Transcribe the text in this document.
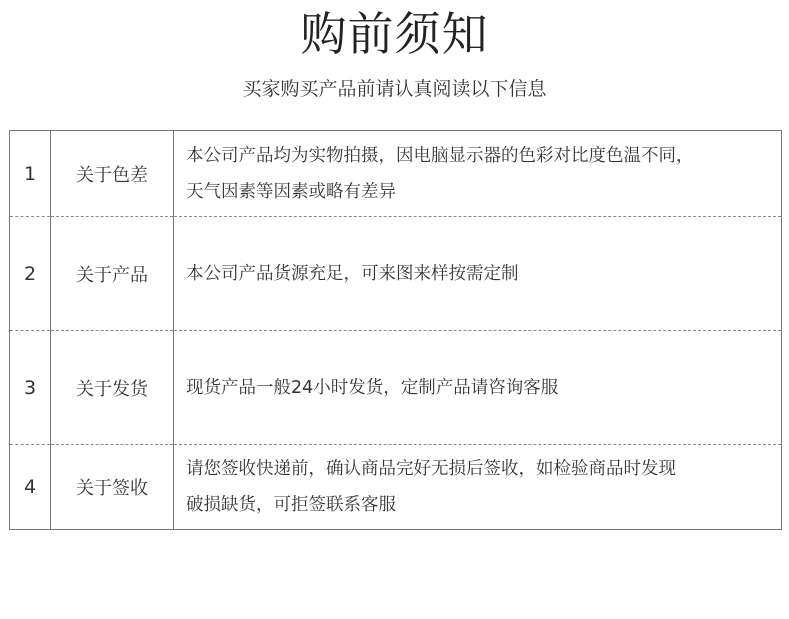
购前须知
买家购买产品前请认真阅读以下信息
1	关于色差	本公司产品均为实物拍摄，因电脑显示器的色彩对比度色温不同，
天气因素等因素或略有差异

2	关于产品	本公司产品货源充足，可来图来样按需定制

3	关于发货	现货产品一般24小时发货，定制产品请咨询客服

4	关于签收	请您签收快递前，确认商品完好无损后签收，如检验商品时发现
破损缺货，可拒签联系客服
